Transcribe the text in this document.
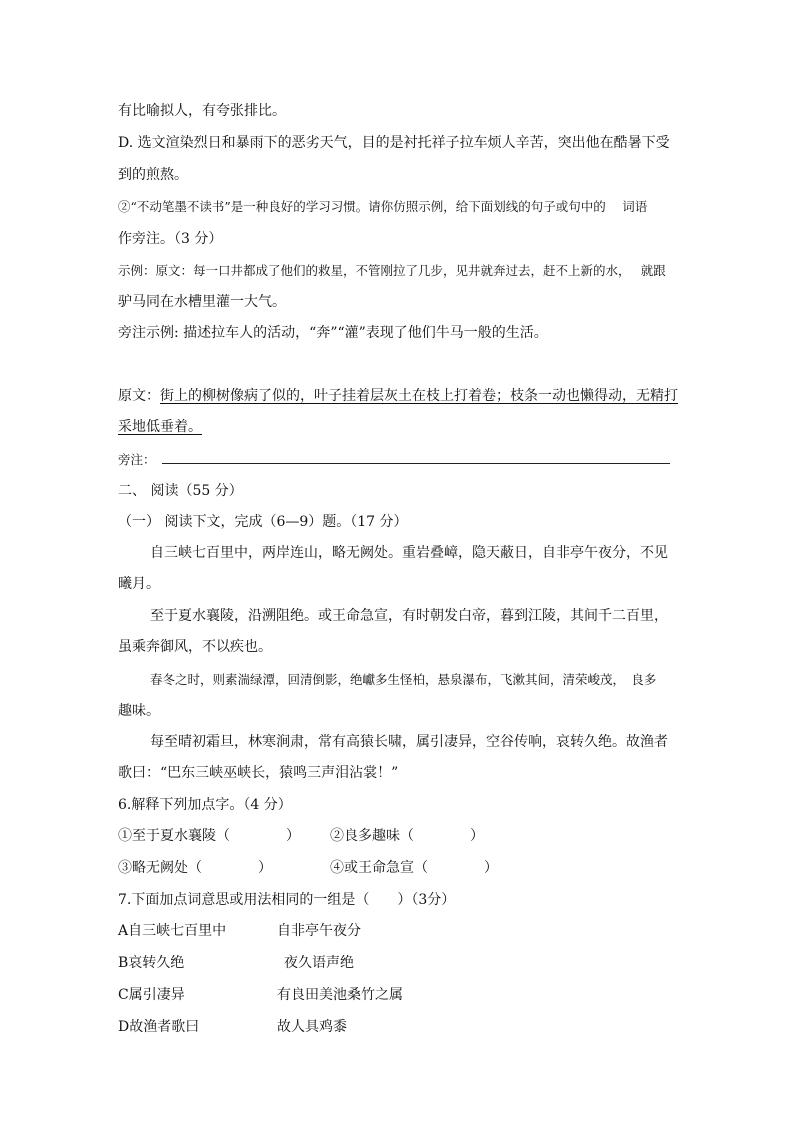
有比喻拟人，有夸张排比。
D. 选文渲染烈日和暴雨下的恶劣天气，目的是衬托祥子拉车烦人辛苦，突出他在酷暑下受
到的煎熬。
②“不动笔墨不读书”是一种良好的学习习惯。请你仿照示例，给下面划线的句子或句中的　 词语
作旁注。（3 分）
示例：原文：每一口井都成了他们的救星，不管刚拉了几步，见井就奔过去，赶不上新的水，　 就跟
驴马同在水槽里灌一大气。
旁注示例: 描述拉车人的活动，“奔”“灌”表现了他们牛马一般的生活。
原文：街上的柳树像病了似的，叶子挂着层灰土在枝上打着卷；枝条一动也懒得动，无精打
采地低垂着。
旁注：
二、 阅读（55 分）
（一） 阅读下文，完成（6—9）题。（17 分）
自三峡七百里中，两岸连山，略无阙处。重岩叠嶂，隐天蔽日，自非亭午夜分，不见
曦月。
至于夏水襄陵，沿溯阻绝。或王命急宣，有时朝发白帝，暮到江陵，其间千二百里，
虽乘奔御风，不以疾也。
春冬之时，则素湍绿潭，回清倒影，绝巘多生怪柏，悬泉瀑布，飞漱其间，清荣峻茂，　良多
趣味。
每至晴初霜旦，林寒涧肃，常有高猿长啸，属引凄异，空谷传响，哀转久绝。故渔者
歌曰：“巴东三峡巫峡长，猿鸣三声泪沾裳！”
6.解释下列加点字。（4 分）
①至于夏水襄陵（　　　　） ②良多趣味（　　　　）
③略无阙处（　　　　）	④或王命急宣（　　　　）
7.下面加点词意思或用法相同的一组是（　　）（3分）
A自三峡七百里中	自非亭午夜分
B哀转久绝	夜久语声绝
C属引凄异	有良田美池桑竹之属
D故渔者歌曰	故人具鸡黍
